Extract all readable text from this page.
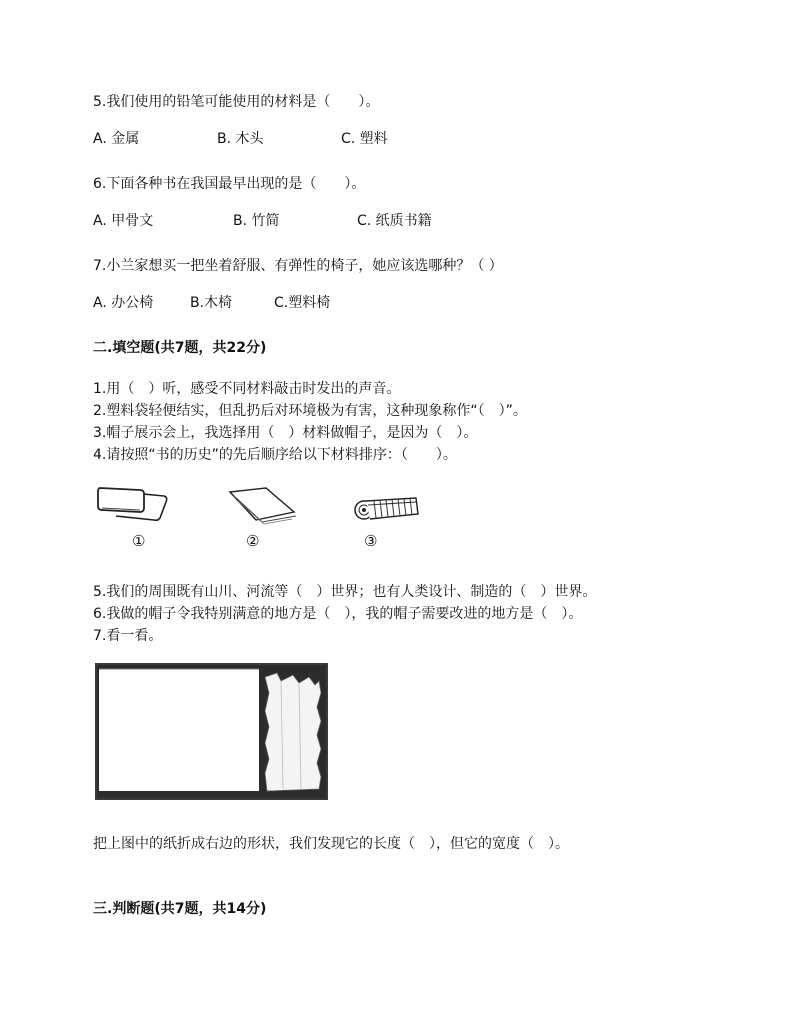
5.我们使用的铅笔可能使用的材料是（　　）。
A. 金属	B. 木头	C. 塑料
6.下面各种书在我国最早出现的是（　　）。
A. 甲骨文	B. 竹简	C. 纸质书籍
7.小兰家想买一把坐着舒服、有弹性的椅子，她应该选哪种？（ ）
A. 办公椅	B.木椅	C.塑料椅
二.填空题(共7题，共22分)
1.用（　）听，感受不同材料敲击时发出的声音。
2.塑料袋轻便结实，但乱扔后对环境极为有害，这种现象称作“（　）”。
3.帽子展示会上，我选择用（　）材料做帽子，是因为（　）。
4.请按照“书的历史”的先后顺序给以下材料排序：（　　）。
①	②	③
5.我们的周围既有山川、河流等（　）世界；也有人类设计、制造的（　）世界。
6.我做的帽子令我特别满意的地方是（　），我的帽子需要改进的地方是（　）。
7.看一看。
把上图中的纸折成右边的形状，我们发现它的长度（　），但它的宽度（　）。
三.判断题(共7题，共14分)
